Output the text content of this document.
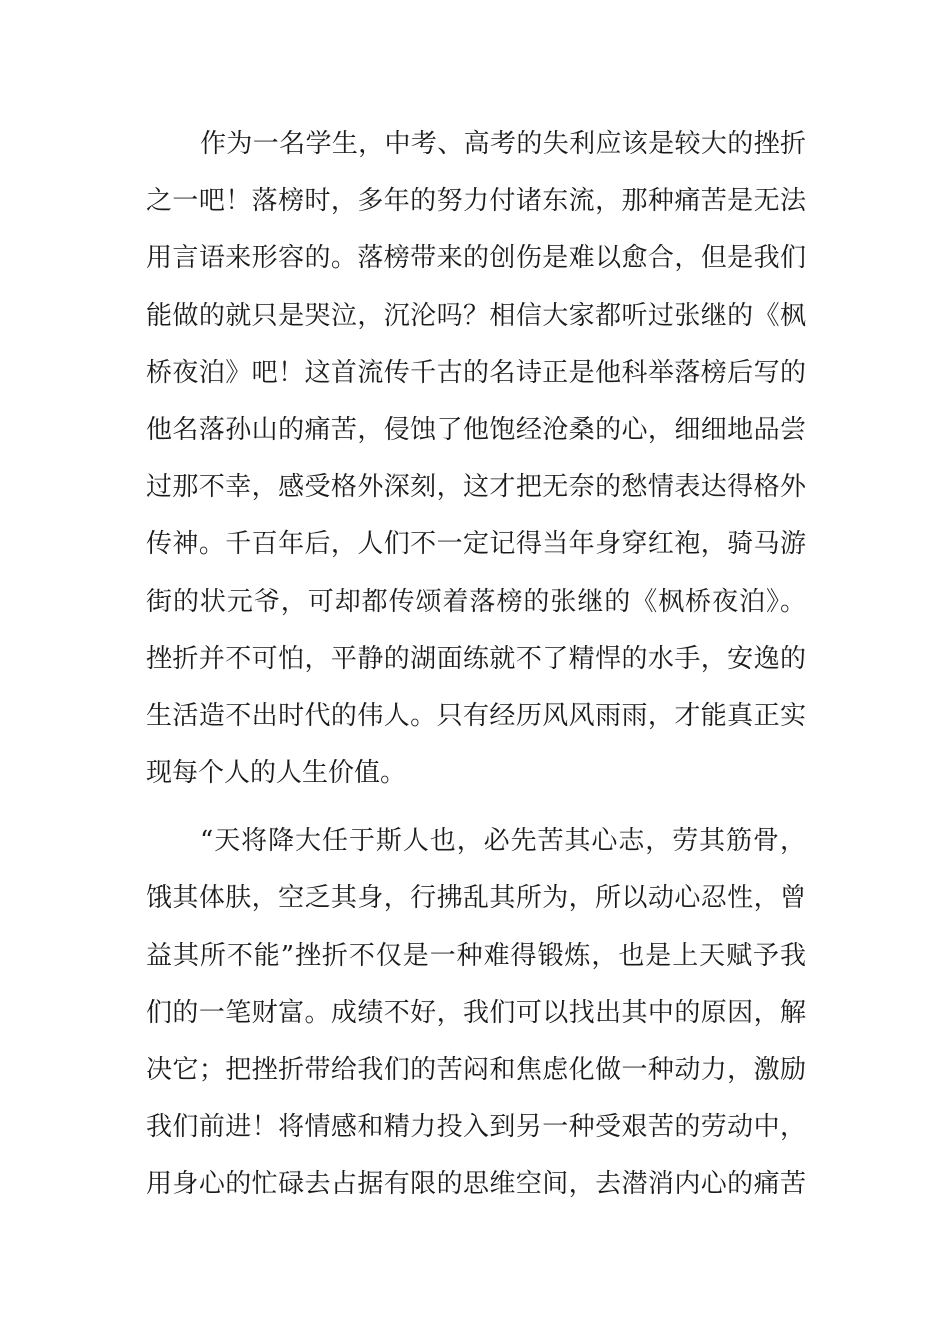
作为一名学生，中考、高考的失利应该是较大的挫折
之一吧！落榜时，多年的努力付诸东流，那种痛苦是无法
用言语来形容的。落榜带来的创伤是难以愈合，但是我们
能做的就只是哭泣，沉沦吗？相信大家都听过张继的《枫
桥夜泊》吧！这首流传千古的名诗正是他科举落榜后写的
他名落孙山的痛苦，侵蚀了他饱经沧桑的心，细细地品尝
过那不幸，感受格外深刻，这才把无奈的愁情表达得格外
传神。千百年后，人们不一定记得当年身穿红袍，骑马游
街的状元爷，可却都传颂着落榜的张继的《枫桥夜泊》。
挫折并不可怕，平静的湖面练就不了精悍的水手，安逸的
生活造不出时代的伟人。只有经历风风雨雨，才能真正实
现每个人的人生价值。
“天将降大任于斯人也，必先苦其心志，劳其筋骨，
饿其体肤，空乏其身，行拂乱其所为，所以动心忍性，曾
益其所不能”挫折不仅是一种难得锻炼，也是上天赋予我
们的一笔财富。成绩不好，我们可以找出其中的原因，解
决它；把挫折带给我们的苦闷和焦虑化做一种动力，激励
我们前进！将情感和精力投入到另一种受艰苦的劳动中，
用身心的忙碌去占据有限的思维空间，去潜消内心的痛苦
